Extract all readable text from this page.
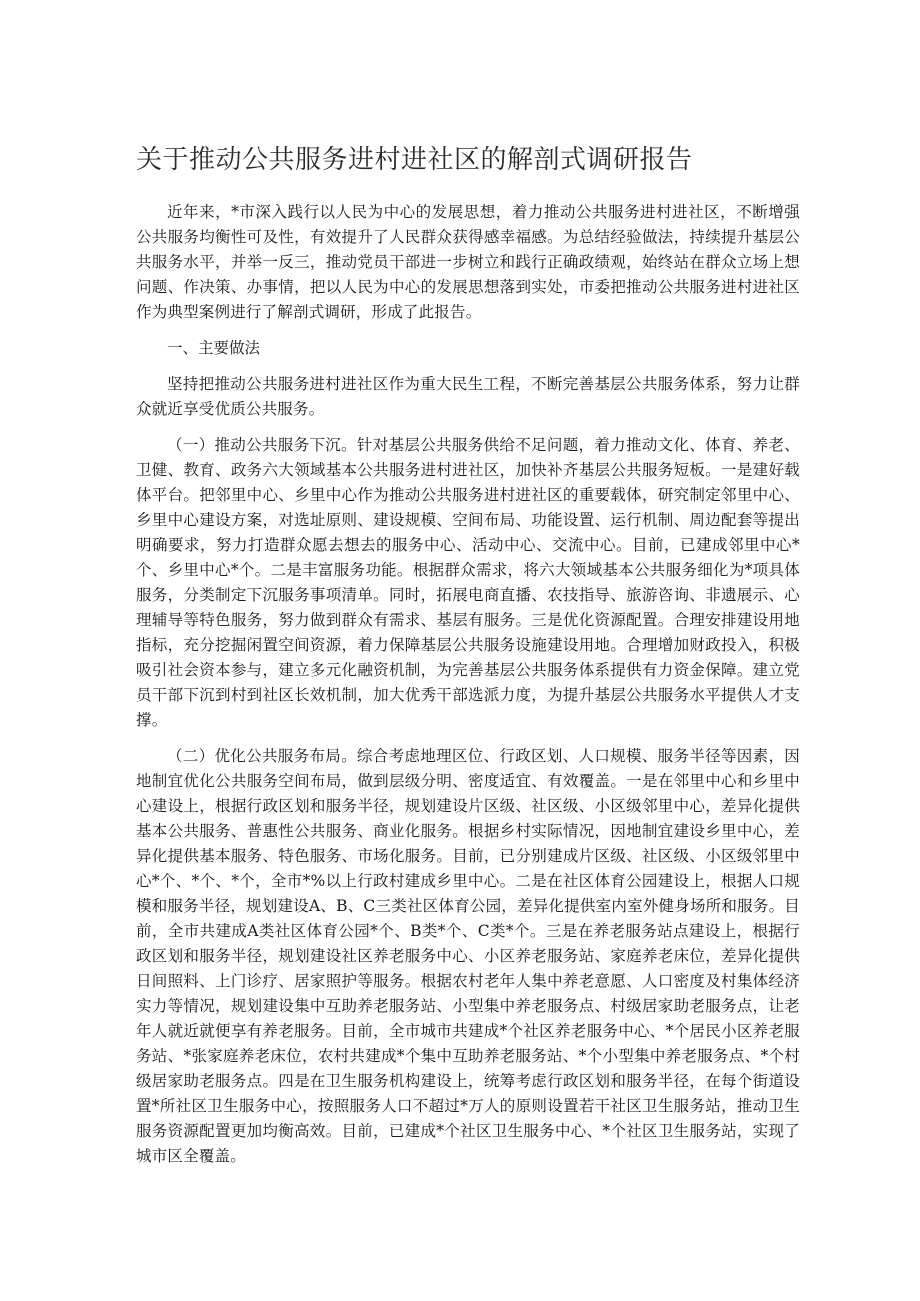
关于推动公共服务进村进社区的解剖式调研报告

近年来，*市深入践行以人民为中心的发展思想，着力推动公共服务进村进社区，不断增强公共服务均衡性可及性，有效提升了人民群众获得感幸福感。为总结经验做法，持续提升基层公共服务水平，并举一反三，推动党员干部进一步树立和践行正确政绩观，始终站在群众立场上想问题、作决策、办事情，把以人民为中心的发展思想落到实处，市委把推动公共服务进村进社区作为典型案例进行了解剖式调研，形成了此报告。

一、主要做法

坚持把推动公共服务进村进社区作为重大民生工程，不断完善基层公共服务体系，努力让群众就近享受优质公共服务。

（一）推动公共服务下沉。针对基层公共服务供给不足问题，着力推动文化、体育、养老、卫健、教育、政务六大领域基本公共服务进村进社区，加快补齐基层公共服务短板。一是建好载体平台。把邻里中心、乡里中心作为推动公共服务进村进社区的重要载体，研究制定邻里中心、乡里中心建设方案，对选址原则、建设规模、空间布局、功能设置、运行机制、周边配套等提出明确要求，努力打造群众愿去想去的服务中心、活动中心、交流中心。目前，已建成邻里中心*个、乡里中心*个。二是丰富服务功能。根据群众需求，将六大领域基本公共服务细化为*项具体服务，分类制定下沉服务事项清单。同时，拓展电商直播、农技指导、旅游咨询、非遗展示、心理辅导等特色服务，努力做到群众有需求、基层有服务。三是优化资源配置。合理安排建设用地指标，充分挖掘闲置空间资源，着力保障基层公共服务设施建设用地。合理增加财政投入，积极吸引社会资本参与，建立多元化融资机制，为完善基层公共服务体系提供有力资金保障。建立党员干部下沉到村到社区长效机制，加大优秀干部选派力度，为提升基层公共服务水平提供人才支撑。

（二）优化公共服务布局。综合考虑地理区位、行政区划、人口规模、服务半径等因素，因地制宜优化公共服务空间布局，做到层级分明、密度适宜、有效覆盖。一是在邻里中心和乡里中心建设上，根据行政区划和服务半径，规划建设片区级、社区级、小区级邻里中心，差异化提供基本公共服务、普惠性公共服务、商业化服务。根据乡村实际情况，因地制宜建设乡里中心，差异化提供基本服务、特色服务、市场化服务。目前，已分别建成片区级、社区级、小区级邻里中心*个、*个、*个，全市*%以上行政村建成乡里中心。二是在社区体育公园建设上，根据人口规模和服务半径，规划建设A、B、C三类社区体育公园，差异化提供室内室外健身场所和服务。目前，全市共建成A类社区体育公园*个、B类*个、C类*个。三是在养老服务站点建设上，根据行政区划和服务半径，规划建设社区养老服务中心、小区养老服务站、家庭养老床位，差异化提供日间照料、上门诊疗、居家照护等服务。根据农村老年人集中养老意愿、人口密度及村集体经济实力等情况，规划建设集中互助养老服务站、小型集中养老服务点、村级居家助老服务点，让老年人就近就便享有养老服务。目前，全市城市共建成*个社区养老服务中心、*个居民小区养老服务站、*张家庭养老床位，农村共建成*个集中互助养老服务站、*个小型集中养老服务点、*个村级居家助老服务点。四是在卫生服务机构建设上，统筹考虑行政区划和服务半径，在每个街道设置*所社区卫生服务中心，按照服务人口不超过*万人的原则设置若干社区卫生服务站，推动卫生服务资源配置更加均衡高效。目前，已建成*个社区卫生服务中心、*个社区卫生服务站，实现了城市区全覆盖。
